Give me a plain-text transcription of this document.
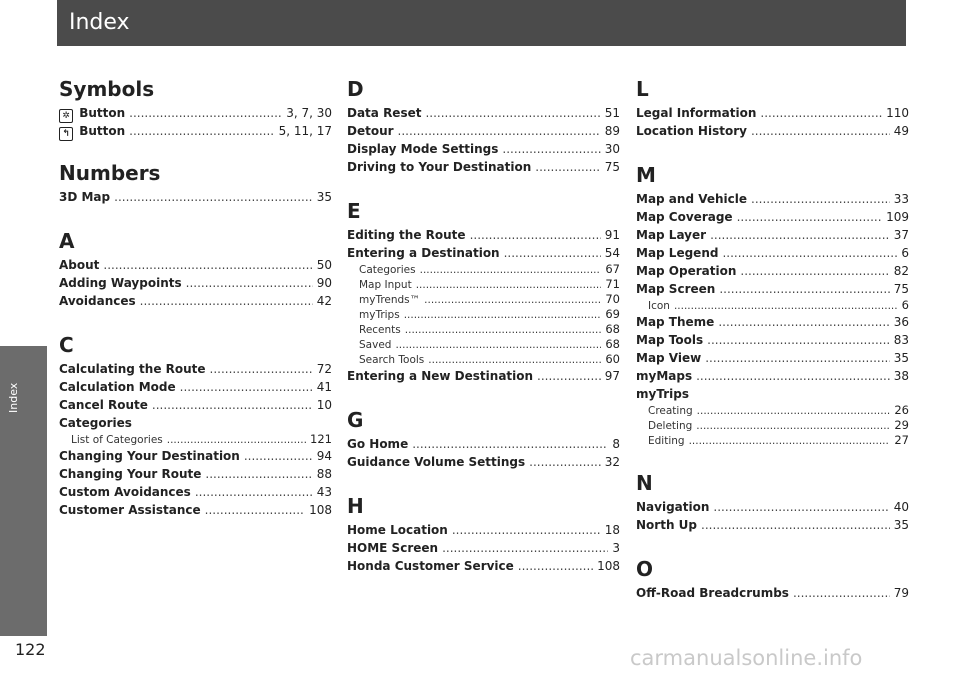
Index
Index
Symbols
✲ Button .....	3, 7, 30
↰ Button .....	5, 11, 17
Numbers
3D Map .....	35
A
About .....	50
Adding Waypoints .....	90
Avoidances .....	42
C
Calculating the Route .....	72
Calculation Mode .....	41
Cancel Route .....	10
Categories
List of Categories .....	121
Changing Your Destination .....	94
Changing Your Route .....	88
Custom Avoidances .....	43
Customer Assistance .....	108
D
Data Reset .....	51
Detour .....	89
Display Mode Settings .....	30
Driving to Your Destination .....	75
E
Editing the Route .....	91
Entering a Destination .....	54
Categories .....	67
Map Input .....	71
myTrends™ .....	70
myTrips .....	69
Recents .....	68
Saved .....	68
Search Tools .....	60
Entering a New Destination .....	97
G
Go Home .....	8
Guidance Volume Settings .....	32
H
Home Location .....	18
HOME Screen .....	3
Honda Customer Service .....	108
L
Legal Information .....	110
Location History .....	49
M
Map and Vehicle .....	33
Map Coverage .....	109
Map Layer .....	37
Map Legend .....	6
Map Operation .....	82
Map Screen .....	75
Icon .....	6
Map Theme .....	36
Map Tools .....	83
Map View .....	35
myMaps .....	38
myTrips
Creating .....	26
Deleting .....	29
Editing .....	27
N
Navigation .....	40
North Up .....	35
O
Off-Road Breadcrumbs .....	79
122	carmanualsonline.info
